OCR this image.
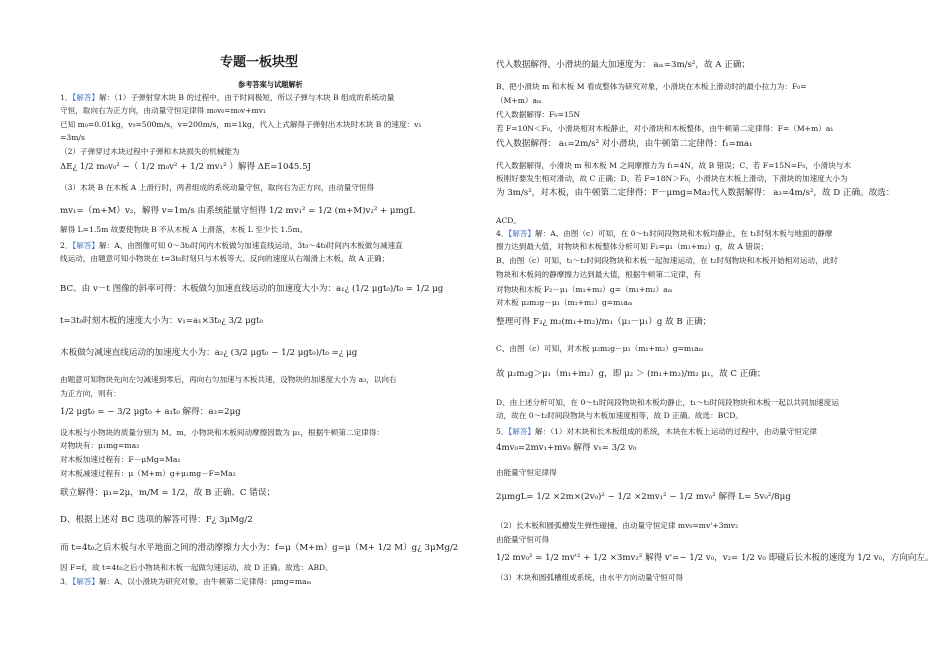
专题一板块型
参考答案与试题解析
1．【解答】解：（1）子弹射穿木块 B 的过程中，由于时间极短，所以子弹与木块 B 组成的系统动量
守恒，取向右为正方向，由动量守恒定律得 m₀v₀=m₀v+mv₁
已知 m₀=0.01kg，v₀=500m/s，v=200m/s，m=1kg，代入上式解得子弹射出木块时木块 B 的速度：v₁
=3m/s
（2）子弹穿过木块过程中子弹和木块损失的机械能为
ΔE¿ 1/2 m₀v₀² −（ 1/2 m₀v² + 1/2 mv₁² ）解得 ΔE=1045.5J
（3）木块 B 在木板 A 上滑行时，两者组成的系统动量守恒，取向右为正方向，由动量守恒得
mv₁=（m+M）v₂，解得 v=1m/s 由系统能量守恒得 1/2 mv₁² = 1/2 (m+M)v₂² + μmgL
解得 L=1.5m 故要使物块 B 不从木板 A 上滑落，木板 L 至少长 1.5m。
2．【解答】解：A、由图像可知 0～3t₀时间内木板做匀加速直线运动，3t₀～4t₀时间内木板做匀减速直
线运动，由题意可知小物块在 t=3t₀时刻只与木板等大、反向的速度从右端滑上木板，故 A 正确；
BC、由 v－t 图像的斜率可得：木板做匀加速直线运动的加速度大小为：a₁¿ (1/2 μgt₀)/t₀ = 1/2 μg
t=3t₀时刻木板的速度大小为：v₁=a₁×3t₀¿ 3/2 μgt₀
木板做匀减速直线运动的加速度大小为：a₂¿ (3/2 μgt₀ − 1/2 μgt₀)/t₀ =¿ μg
由题意可知物块先向左匀减速到零后，再向右匀加速与木板共速，设物块的加速度大小为 a₃，以向右
为正方向，则有：
1/2 μgt₀ = − 3/2 μgt₀ + a₁t₀ 解得：a₃=2μg
设木板与小物块的质量分别为 M、m，小物块和木板间动摩擦因数为 μ₁，根据牛顿第二定律得：
对物块有：μ₁mg=ma₃
对木板加速过程有：F－μMg=Ma₁
对木板减速过程有：μ（M+m）g+μ₁mg－F=Ma₂
联立解得：μ₁=2μ，m/M = 1/2，故 B 正确、C 错误；
D、根据上述对 BC 选项的解答可得：F¿ 3μMg/2
而 t=4t₀之后木板与水平地面之间的滑动摩擦力大小为：f=μ（M+m）g=μ（M+ 1/2 M）g¿ 3μMg/2
因 F=f，故 t=4t₀之后小物块和木板一起做匀速运动，故 D 正确。故选：ABD。
3．【解答】解：A、以小滑块为研究对象，由牛顿第二定律得：μmg=maₘ
代入数据解得，小滑块的最大加速度为： aₘ=3m/s²，故 A 正确；
B、把小滑块 m 和木板 M 看成整体为研究对象，小滑块在木板上滑动时的最小拉力为：F₀=
（M+m）aₘ
代入数据解得：F₀=15N
若 F=10N＜F₀，小滑块相对木板静止，对小滑块和木板整体，由牛顿第二定律得：F=（M+m）a₁
代入数据解得： a₁=2m/s² 对小滑块，由牛顿第二定律得：f₁=ma₁
代入数据解得，小滑块 m 和木板 M 之间摩擦力为 f₁=4N，故 B 错误；C、若 F=15N=F₀，小滑块与木
板刚好要发生相对滑动，故 C 正确；D、若 F=18N＞F₀，小滑块在木板上滑动，下滑块的加速度大小为
为 3m/s²，对木板，由牛顿第二定律得：F－μmg=Ma₂代入数据解得： a₂=4m/s²，故 D 正确。故选：
ACD。
4．【解答】解：A、由图（c）可知，在 0～t₁时间段物块和木板均静止，在 t₁时刻木板与地面的静摩
擦力达到最大值，对物块和木板整体分析可知 F₁=μ₁（m₁+m₂）g，故 A 错误；
B、由图（c）可知，t₁～t₂时间段物块和木板一起加速运动，在 t₂时刻物块和木板开始相对运动，此时
物块和木板间的静摩擦力达到最大值，根据牛顿第二定律，有
对物块和木板 F₂－μ₁（m₁+m₂）g=（m₁+m₂）aₘ
对木板 μ₂m₂g－μ₁（m₁+m₂）g=m₁aₘ
整理可得 F₂¿ m₂(m₁+m₂)/m₁（μ₂－μ₁）g 故 B 正确；
C、由图（c）可知，对木板 μ₂m₂g－μ₁（m₁+m₂）g=m₁aₘ
故 μ₂m₂g＞μ₁（m₁+m₂）g，即 μ₂ ＞ (m₁+m₂)/m₂ μ₁，故 C 正确；
D、由上述分析可知，在 0～t₁时间段物块和木板均静止，t₁～t₂时间段物块和木板一起以共同加速度运
动，故在 0～t₂时间段物块与木板加速度相等，故 D 正确。故选：BCD。
5．【解答】解：（1）对木块和长木板组成的系统，木块在木板上运动的过程中，由动量守恒定律
4mv₀=2mv₁+mv₀ 解得 v₁= 3/2 v₀
由能量守恒定律得
2μmgL= 1/2 ×2m×(2v₀)² − 1/2 ×2mv₁² − 1/2 mv₀² 解得 L= 5v₀²/8μg
（2）长木板和圆弧槽发生弹性碰撞，由动量守恒定律 mv₀=mv'+3mv₂
由能量守恒可得
1/2 mv₀² = 1/2 mv'² + 1/2 ×3mv₂² 解得 v'=− 1/2 v₀，v₂= 1/2 v₀ 即碰后长木板的速度为 1/2 v₀，方向向左。
（3）木块和圆弧槽组成系统，由水平方向动量守恒可得
